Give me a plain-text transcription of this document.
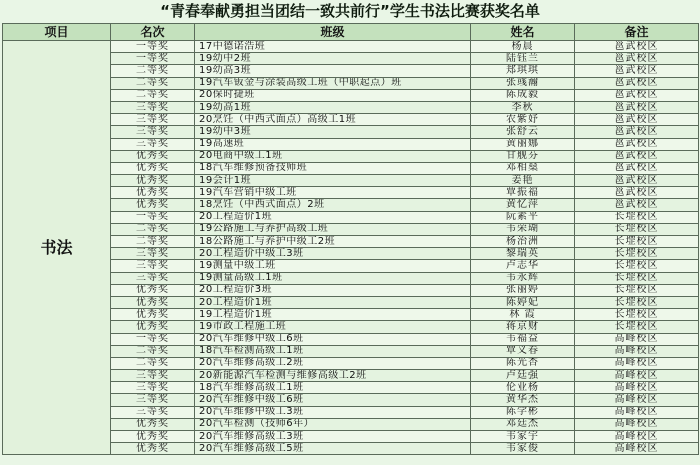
“青春奉献勇担当团结一致共前行”学生书法比赛获奖名单
项目	名次	班级	姓名	备注
书法	一等奖	17中德诺浩班	杨晨	邕武校区
	一等奖	19幼中2班	陆钰兰	邕武校区
	二等奖	19幼高3班	郑琪琪	邕武校区
	二等奖	19汽车钣金与涂装高级工班（中职起点）班	张彧瀚	邕武校区
	二等奖	20保时捷班	陈成毅	邕武校区
	三等奖	19幼高1班	李秋	邕武校区
	三等奖	20烹饪（中西式面点）高级工1班	农紫妤	邕武校区
	三等奖	19幼中3班	张舒云	邕武校区
	三等奖	19高速班	黄丽娜	邕武校区
	优秀奖	20电商中级工1班	甘舰芬	邕武校区
	优秀奖	18汽车维修预备技师班	邓相燊	邕武校区
	优秀奖	19会计1班	姜艳	邕武校区
	优秀奖	19汽车营销中级工班	覃振福	邕武校区
	优秀奖	18烹饪（中西式面点）2班	黄忆萍	邕武校区
	一等奖	20工程造价1班	阮素平	长堽校区
	二等奖	19公路施工与养护高级工班	韦荣瑚	长堽校区
	二等奖	18公路施工与养护中级工2班	杨治洲	长堽校区
	三等奖	20工程造价中级工3班	黎瑞英	长堽校区
	三等奖	19测量中级工班	卢志华	长堽校区
	三等奖	19测量高级工1班	韦永辉	长堽校区
	优秀奖	20工程造价3班	张丽婷	长堽校区
	优秀奖	20工程造价1班	陈婷妃	长堽校区
	优秀奖	19工程造价1班	林 霞	长堽校区
	优秀奖	19市政工程施工班	蒋京财	长堽校区
	一等奖	20汽车维修中级工6班	韦福益	高峰校区
	二等奖	18汽车检测高级工1班	覃义春	高峰校区
	二等奖	20汽车维修高级工2班	陈光杏	高峰校区
	三等奖	20新能源汽车检测与维修高级工2班	卢廷强	高峰校区
	三等奖	18汽车维修高级工1班	伦业杨	高峰校区
	三等奖	20汽车维修中级工6班	黄华杰	高峰校区
	三等奖	20汽车维修中级工3班	陈学彬	高峰校区
	优秀奖	20汽车检测（技师6年）	邓廷杰	高峰校区
	优秀奖	20汽车维修高级工3班	韦家宇	高峰校区
	优秀奖	20汽车维修高级工5班	韦家俊	高峰校区
